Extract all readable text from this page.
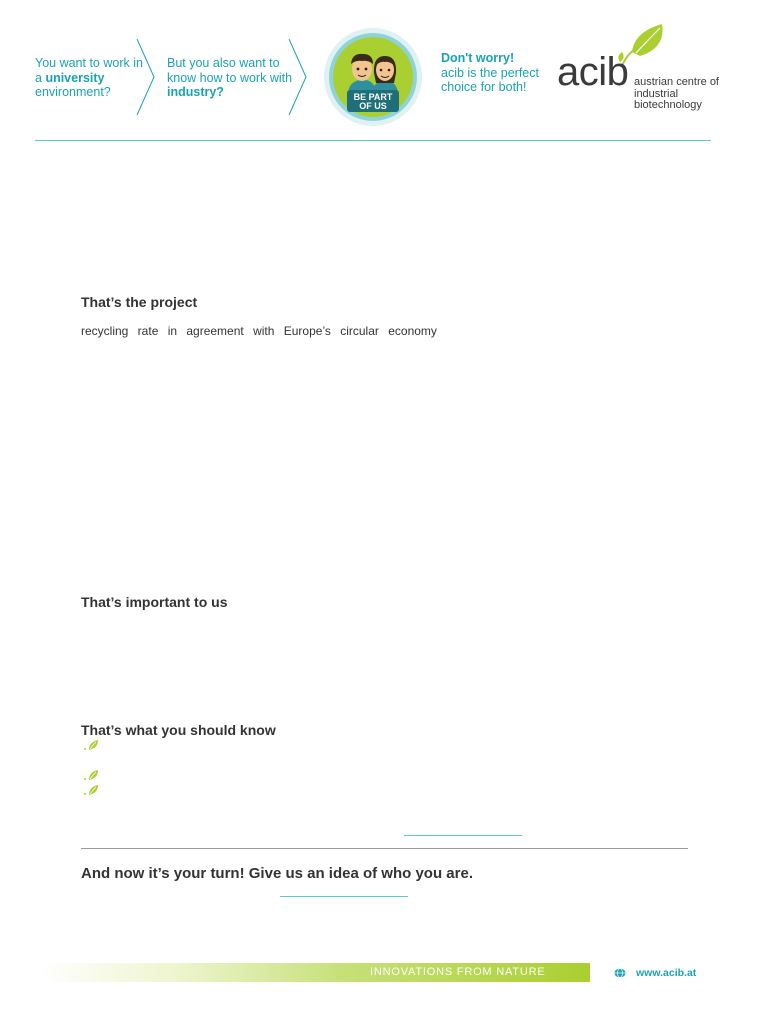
You want to work in a university environment?
But you also want to know how to work with industry?	BE PART
OF US
Don't worry!
acib is the perfect choice for both! acib austrian centre of industrial biotechnology
That’s the project
recycling rate in agreement with Europe’s circular economy
That’s important to us
That’s what you should know
And now it’s your turn! Give us an idea of who you are.
INNOVATIONS FROM NATURE	www.acib.at
